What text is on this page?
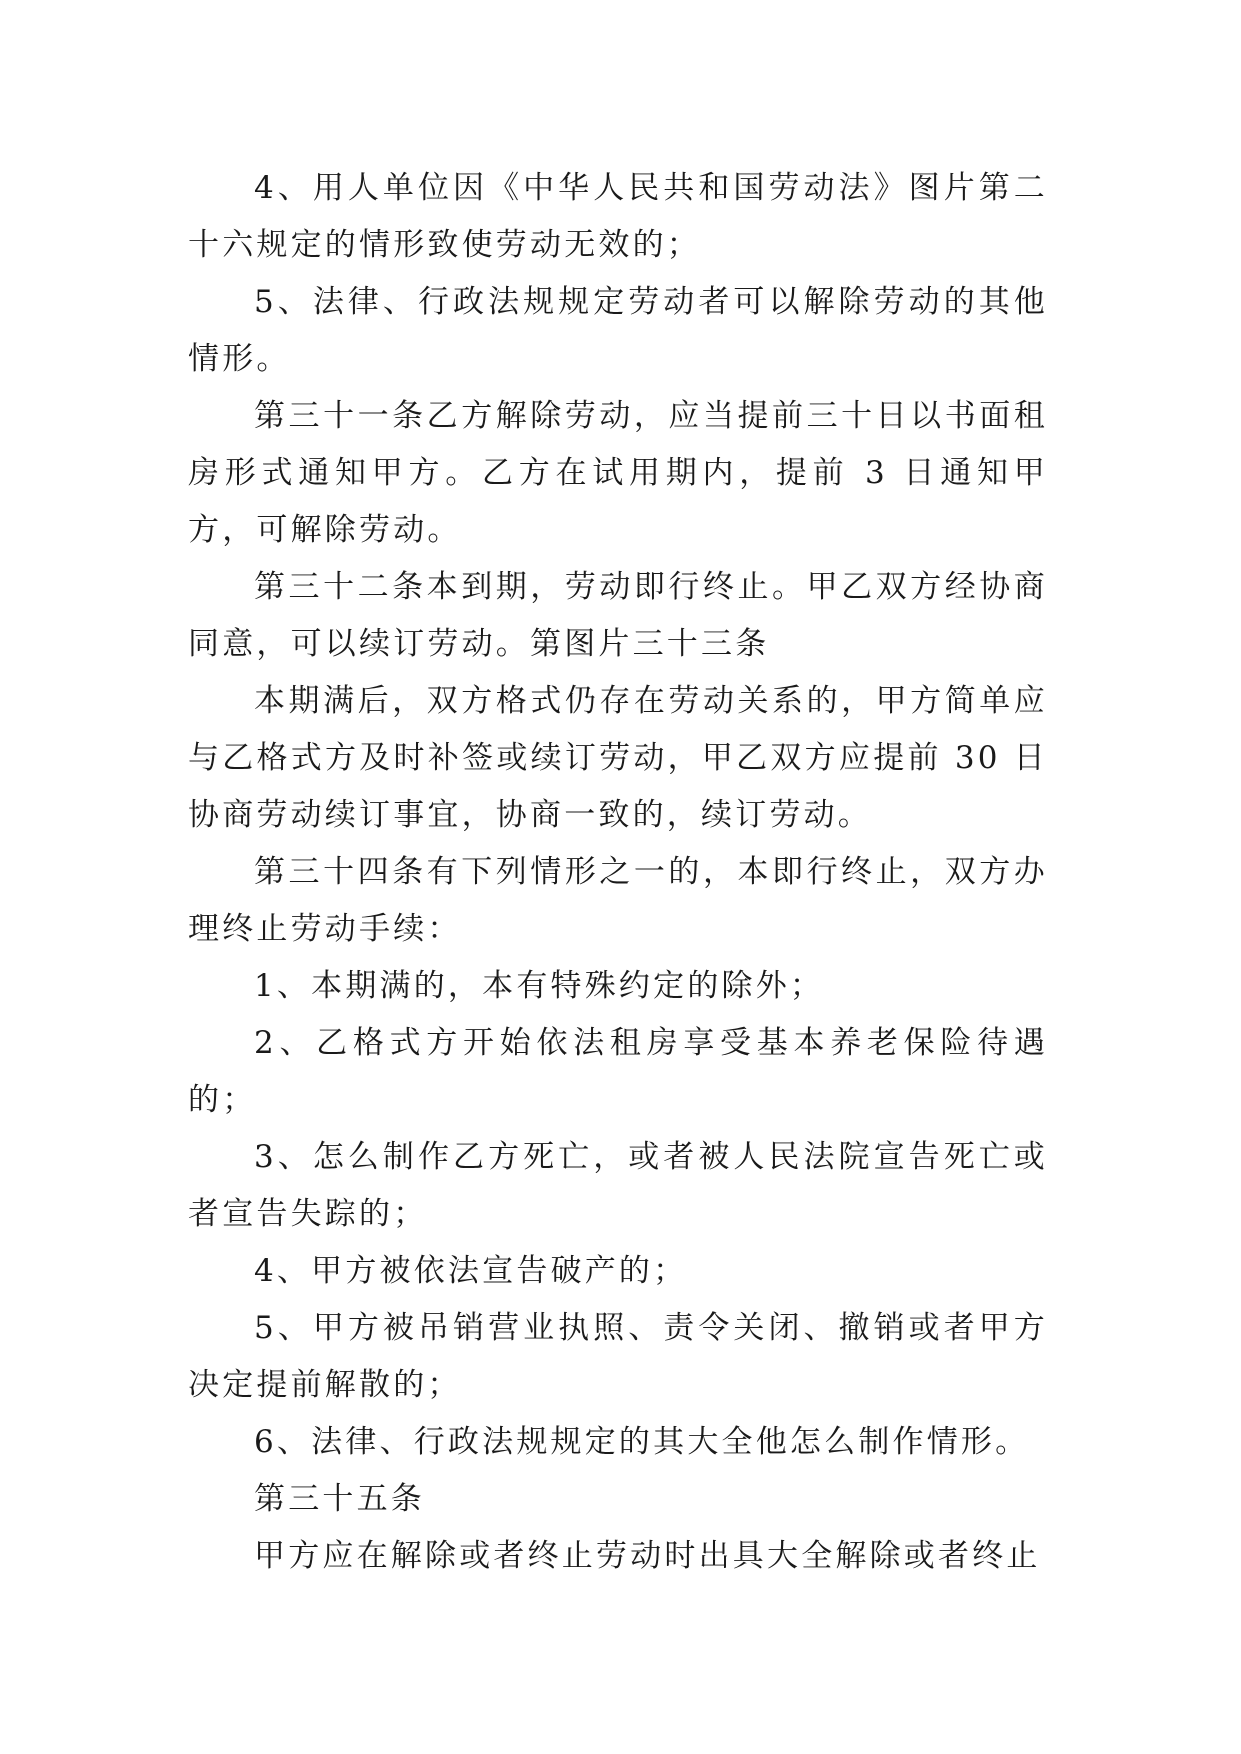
4、用人单位因《中华人民共和国劳动法》图片第二十六规定的情形致使劳动无效的；

5、法律、行政法规规定劳动者可以解除劳动的其他情形。

第三十一条乙方解除劳动，应当提前三十日以书面租房形式通知甲方。乙方在试用期内，提前 3 日通知甲方，可解除劳动。

第三十二条本到期，劳动即行终止。甲乙双方经协商同意，可以续订劳动。第图片三十三条

本期满后，双方格式仍存在劳动关系的，甲方简单应与乙格式方及时补签或续订劳动，甲乙双方应提前 30 日协商劳动续订事宜，协商一致的，续订劳动。

第三十四条有下列情形之一的，本即行终止，双方办理终止劳动手续：

1、本期满的，本有特殊约定的除外；

2、乙格式方开始依法租房享受基本养老保险待遇的；

3、怎么制作乙方死亡，或者被人民法院宣告死亡或者宣告失踪的；

4、甲方被依法宣告破产的；

5、甲方被吊销营业执照、责令关闭、撤销或者甲方决定提前解散的；

6、法律、行政法规规定的其大全他怎么制作情形。

第三十五条

甲方应在解除或者终止劳动时出具大全解除或者终止
